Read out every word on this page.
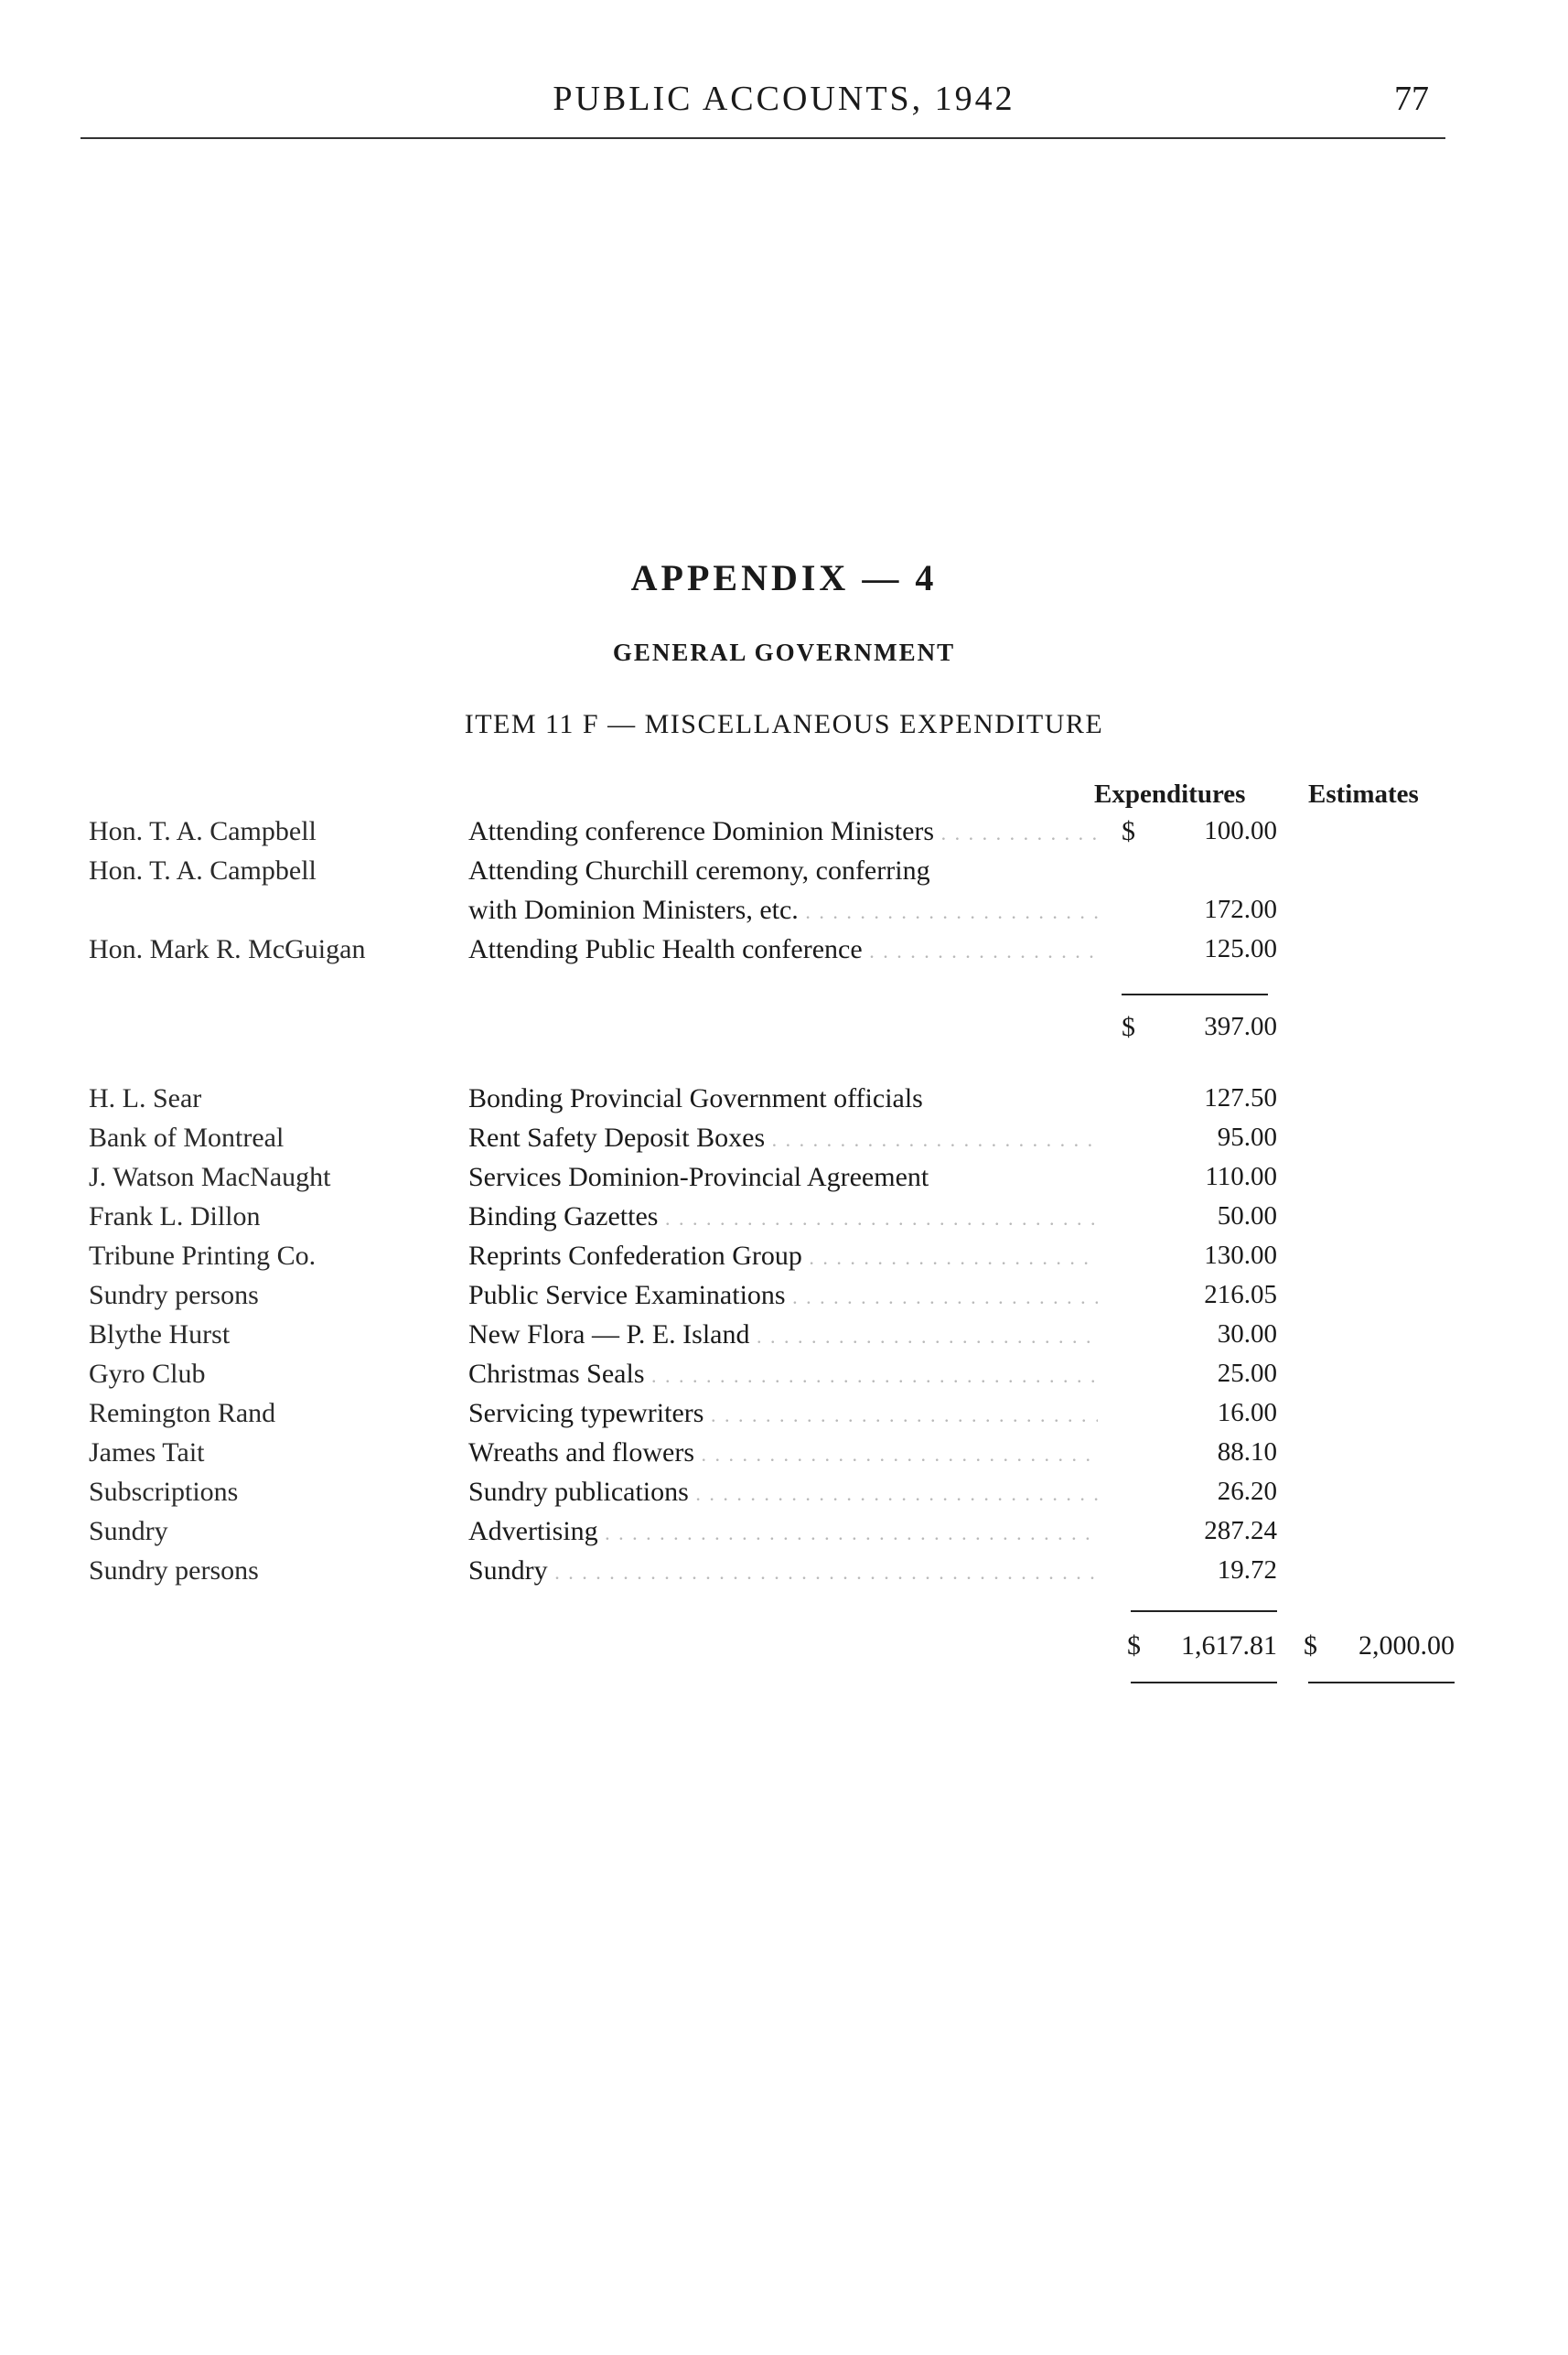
PUBLIC ACCOUNTS, 1942	77
APPENDIX — 4
GENERAL GOVERNMENT
ITEM 11 F — MISCELLANEOUS EXPENDITURE
Expenditures Estimates
Hon. T. A. Campbell	Attending conference Dominion Ministers . . .	$	100.00
Hon. T. A. Campbell	Attending Churchill ceremony, conferring
with Dominion Ministers, etc. . . .	172.00
Hon. Mark R. McGuigan	Attending Public Health conference . . .	125.00
$	397.00
H. L. Sear	Bonding Provincial Government officials	127.50
Bank of Montreal	Rent Safety Deposit Boxes . . .	95.00
J. Watson MacNaught	Services Dominion-Provincial Agreement	110.00
Frank L. Dillon	Binding Gazettes . . .	50.00
Tribune Printing Co.	Reprints Confederation Group . . .	130.00
Sundry persons	Public Service Examinations . . .	216.05
Blythe Hurst	New Flora — P. E. Island . . .	30.00
Gyro Club	Christmas Seals . . .	25.00
Remington Rand	Servicing typewriters . . .	16.00
James Tait	Wreaths and flowers . . .	88.10
Subscriptions	Sundry publications . . .	26.20
Sundry	Advertising . . .	287.24
Sundry persons	Sundry . . .	19.72
$ 1,617.81 $ 2,000.00
